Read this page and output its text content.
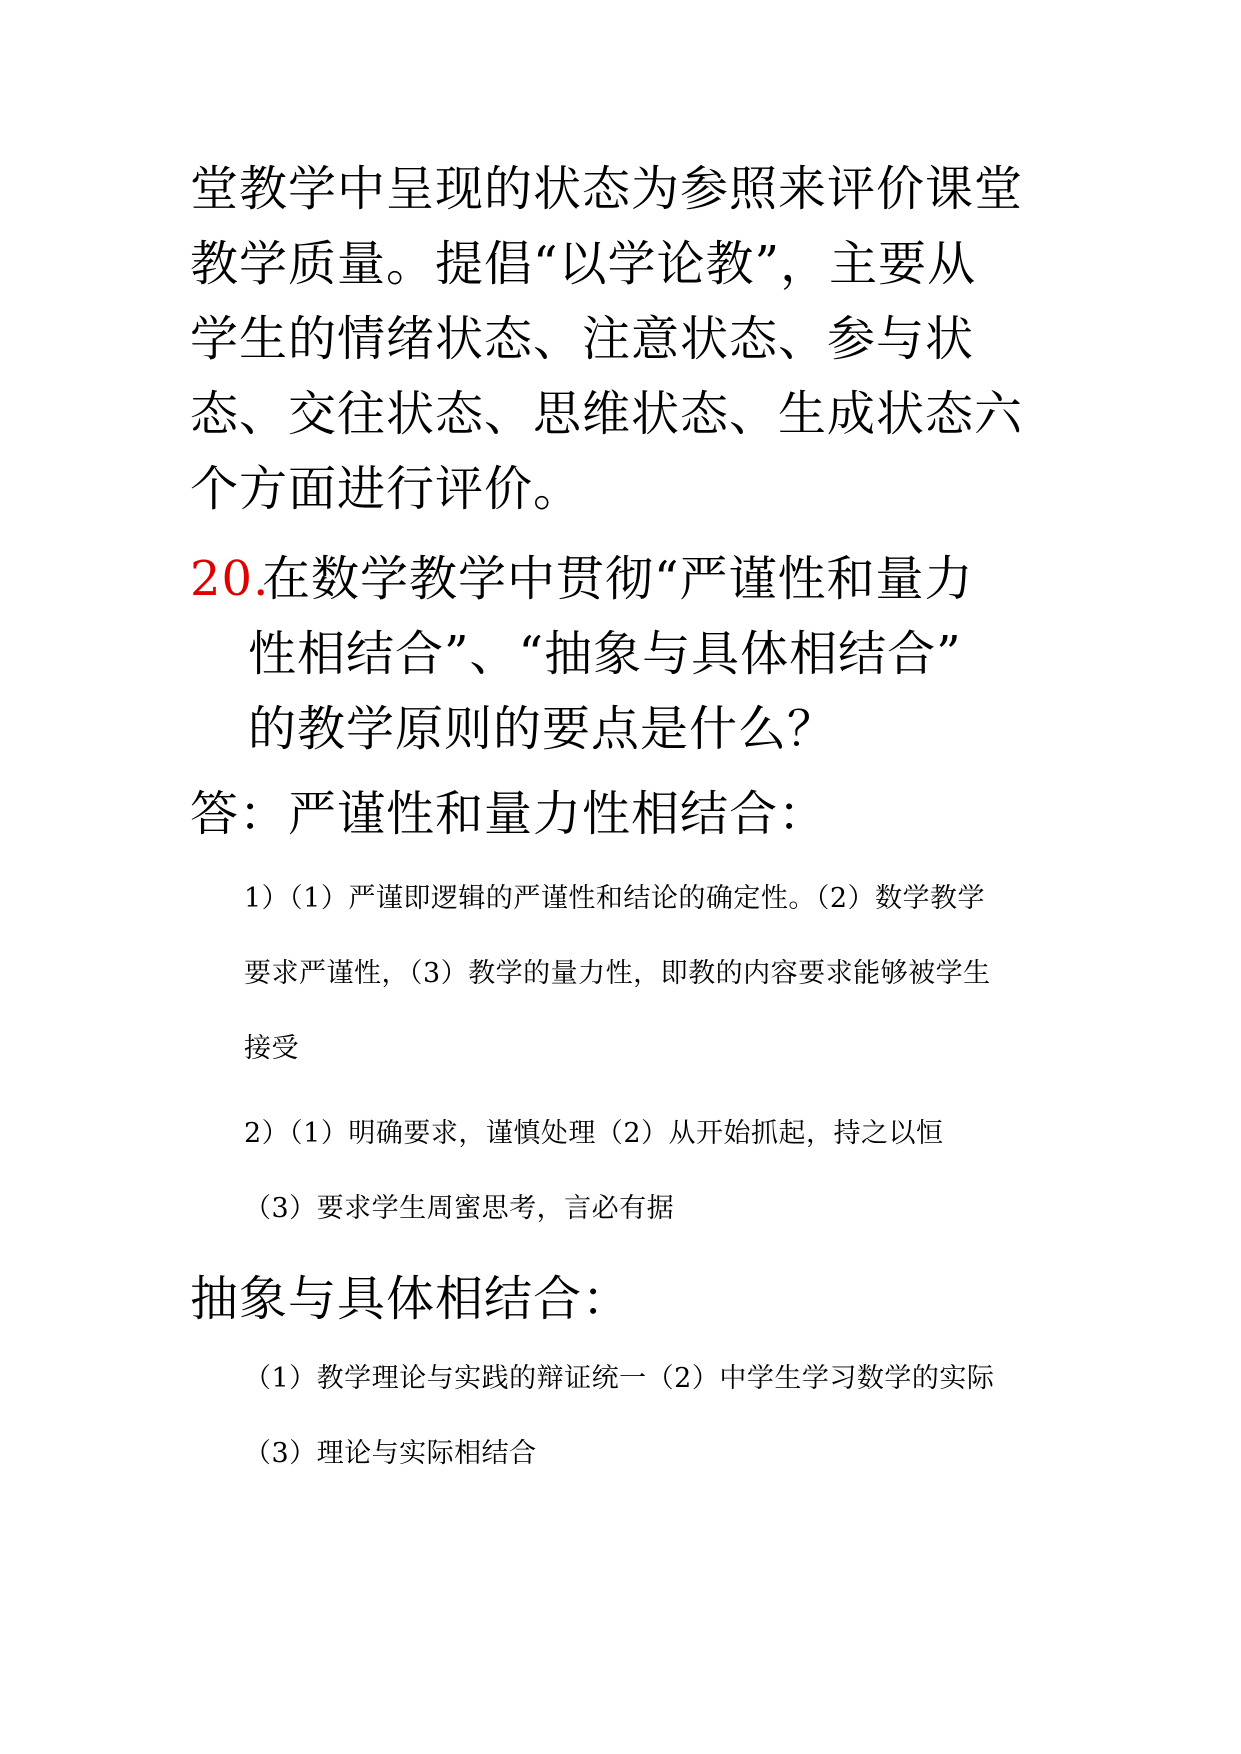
堂教学中呈现的状态为参照来评价课堂
教学质量。提倡“以学论教”，主要从
学生的情绪状态、注意状态、参与状
态、交往状态、思维状态、生成状态六
个方面进行评价。
20.
在数学教学中贯彻“严谨性和量力
性相结合”、“抽象与具体相结合”
的教学原则的要点是什么？
答：严谨性和量力性相结合：
1）（1）严谨即逻辑的严谨性和结论的确定性。（2）数学教学
要求严谨性，（3）教学的量力性，即教的内容要求能够被学生
接受
2）（1）明确要求，谨慎处理（2）从开始抓起，持之以恒
（3）要求学生周蜜思考，言必有据
抽象与具体相结合：
（1）教学理论与实践的辩证统一（2）中学生学习数学的实际
（3）理论与实际相结合
